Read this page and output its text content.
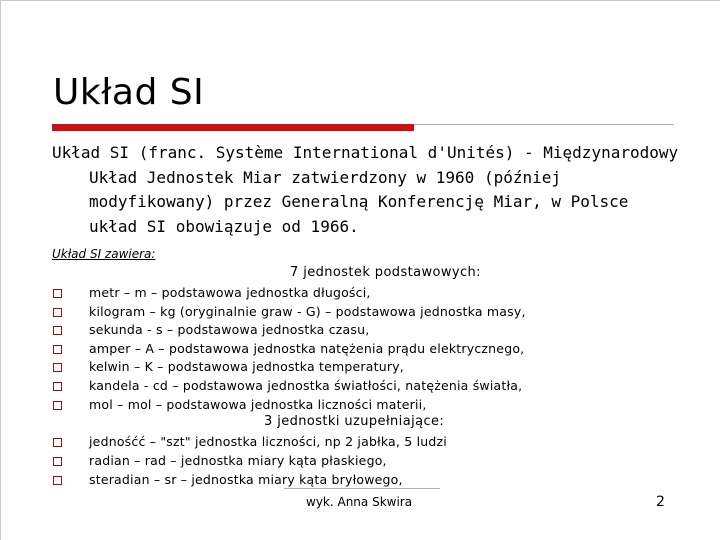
Układ SI
Układ SI (franc. Système International d'Unités) - Międzynarodowy
Układ Jednostek Miar zatwierdzony w 1960 (później
modyfikowany) przez Generalną Konferencję Miar, w Polsce
układ SI obowiązuje od 1966.
Układ SI zawiera:
7 jednostek podstawowych:
metr – m – podstawowa jednostka długości,
kilogram – kg (oryginalnie graw - G) – podstawowa jednostka masy,
sekunda - s – podstawowa jednostka czasu,
amper – A – podstawowa jednostka natężenia prądu elektrycznego,
kelwin – K – podstawowa jednostka temperatury,
kandela - cd – podstawowa jednostka światłości, natężenia światła,
mol – mol – podstawowa jednostka liczności materii,
3 jednostki uzupełniające:
jednośćć – "szt" jednostka liczności, np 2 jabłka, 5 ludzi
radian – rad – jednostka miary kąta płaskiego,
steradian – sr – jednostka miary kąta bryłowego,
wyk. Anna Skwira	2
